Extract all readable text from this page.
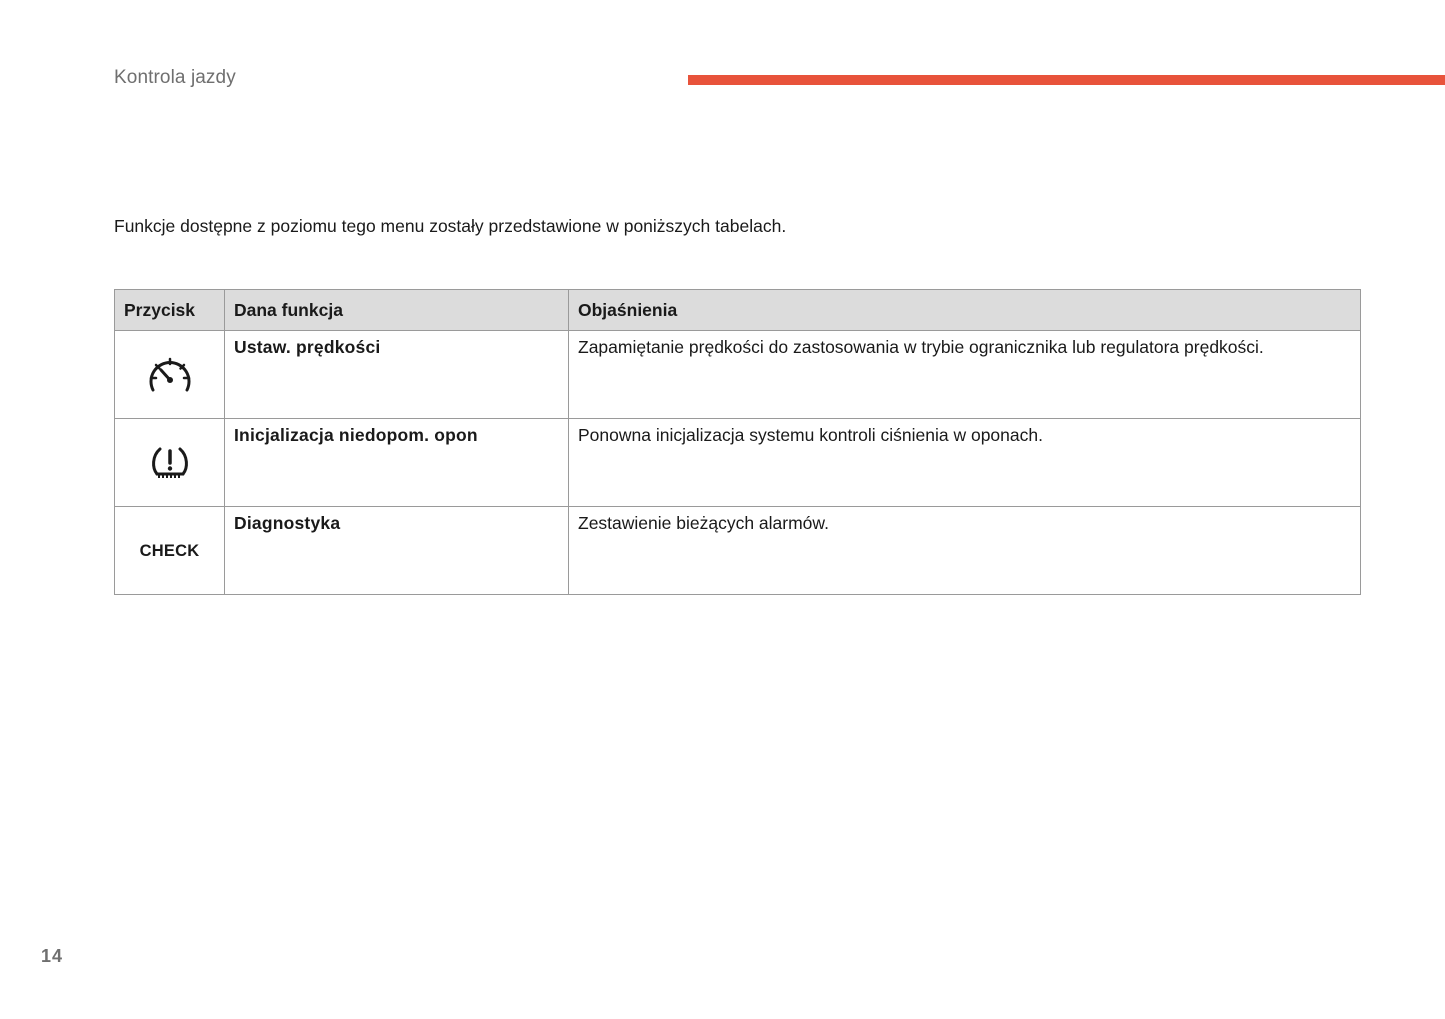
Kontrola jazdy
Funkcje dostępne z poziomu tego menu zostały przedstawione w poniższych tabelach.
Przycisk	Dana funkcja	Objaśnienia
	Ustaw. prędkości	Zapamiętanie prędkości do zastosowania w trybie ogranicznika lub regulatora prędkości.
	Inicjalizacja niedopom. opon	Ponowna inicjalizacja systemu kontroli ciśnienia w oponach.
CHECK	Diagnostyka	Zestawienie bieżących alarmów.
14
